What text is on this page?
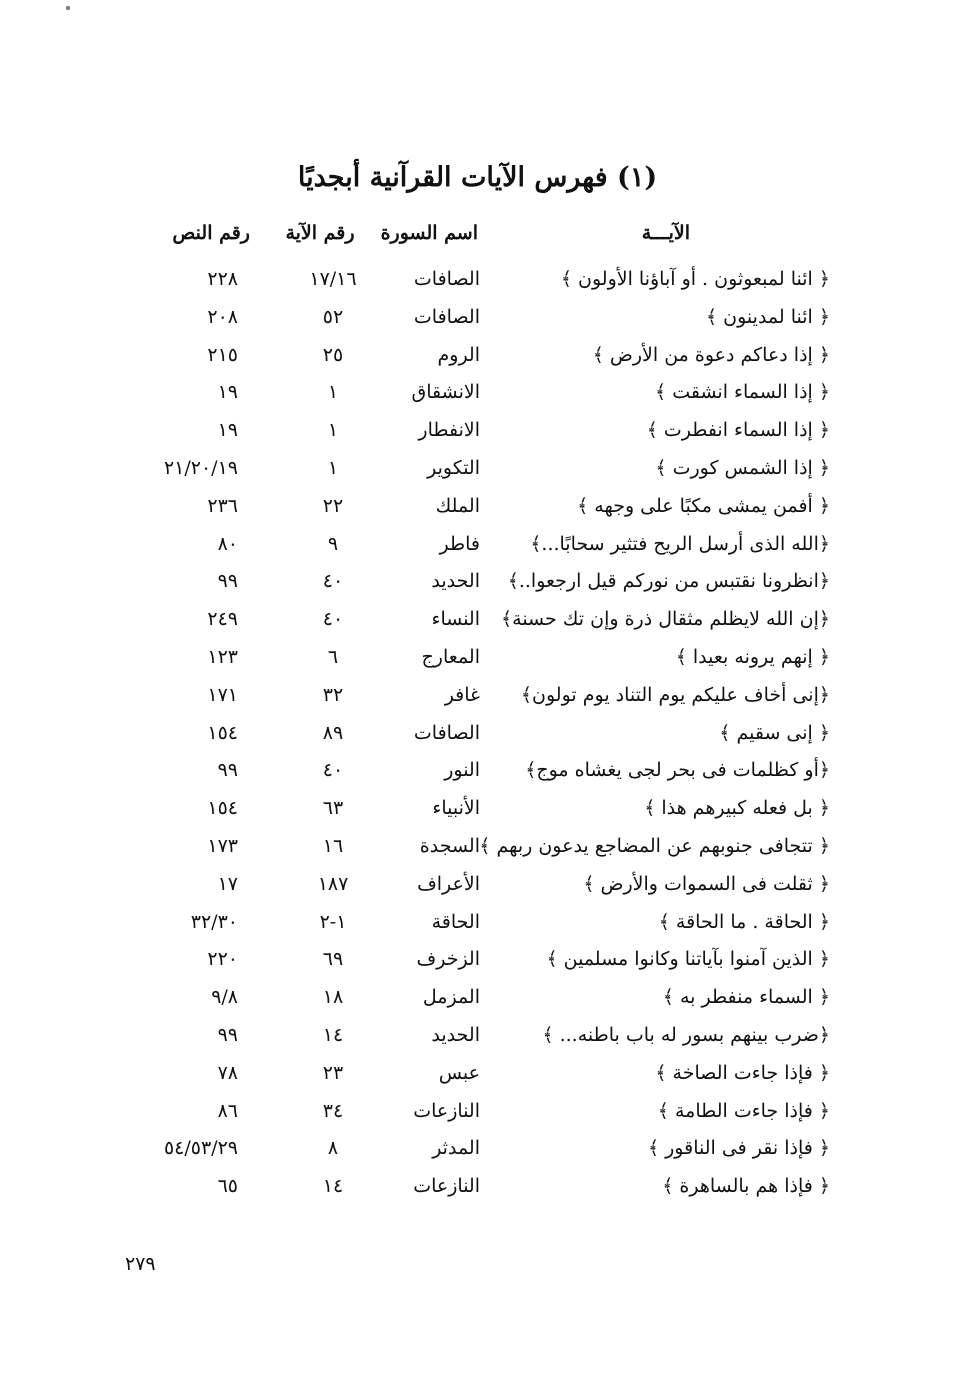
(١) فهرس الآيات القرآنية أبجديًا
الآيـــة
اسم السورة
رقم الآية
رقم النص
﴿ ائنا لمبعوثون . أو آباؤنا الأولون ﴾
الصافات
١٧/١٦
٢٢٨
﴿ ائنا لمدينون ﴾
الصافات
٥٢
٢٠٨
﴿ إذا دعاكم دعوة من الأرض ﴾
الروم
٢٥
٢١٥
﴿ إذا السماء انشقت ﴾
الانشقاق
١
١٩
﴿ إذا السماء انفطرت ﴾
الانفطار
١
١٩
﴿ إذا الشمس كورت ﴾
التكوير
١
٢١/٢٠/١٩
﴿ أفمن يمشى مكبًا على وجهه ﴾
الملك
٢٢
٢٣٦
﴿الله الذى أرسل الريح فتثير سحابًا...﴾
فاطر
٩
٨٠
﴿انظرونا نقتبس من نوركم قيل ارجعوا..﴾
الحديد
٤٠
٩٩
﴿إن الله لايظلم مثقال ذرة وإن تك حسنة﴾
النساء
٤٠
٢٤٩
﴿ إنهم يرونه بعيدا ﴾
المعارج
٦
١٢٣
﴿إنى أخاف عليكم يوم التناد يوم تولون﴾
غافر
٣٢
١٧١
﴿ إنى سقيم ﴾
الصافات
٨٩
١٥٤
﴿أو كظلمات فى بحر لجى يغشاه موج﴾
النور
٤٠
٩٩
﴿ بل فعله كبيرهم هذا ﴾
الأنبياء
٦٣
١٥٤
﴿ تتجافى جنوبهم عن المضاجع يدعون ربهم ﴾
السجدة
١٦
١٧٣
﴿ ثقلت فى السموات والأرض ﴾
الأعراف
١٨٧
١٧
﴿ الحاقة . ما الحاقة ﴾
الحاقة
١-٢
٣٢/٣٠
﴿ الذين آمنوا بآياتنا وكانوا مسلمين ﴾
الزخرف
٦٩
٢٢٠
﴿ السماء منفطر به ﴾
المزمل
١٨
٩/٨
﴿ضرب بينهم بسور له باب باطنه... ﴾
الحديد
١٤
٩٩
﴿ فإذا جاءت الصاخة ﴾
عبس
٢٣
٧٨
﴿ فإذا جاءت الطامة ﴾
النازعات
٣٤
٨٦
﴿ فإذا نقر فى الناقور ﴾
المدثر
٨
٥٤/٥٣/٢٩
﴿ فإذا هم بالساهرة ﴾
النازعات
١٤
٦٥
٢٧٩
